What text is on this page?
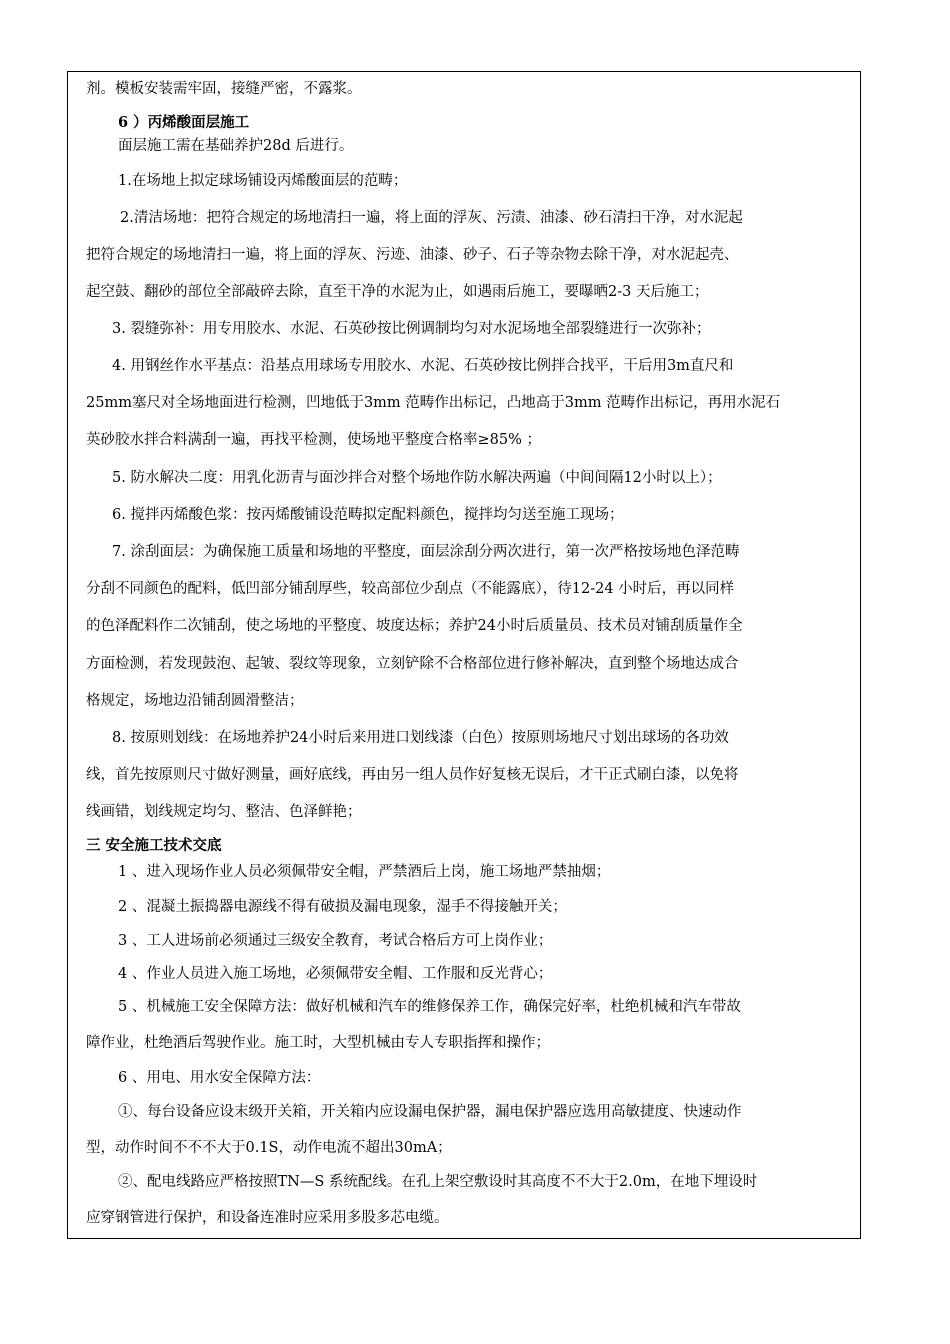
剂。模板安装需牢固，接缝严密，不露浆。
6 ）丙烯酸面层施工
面层施工需在基础养护28d 后进行。
1.在场地上拟定球场铺设丙烯酸面层的范畴；
2.清洁场地：把符合规定的场地清扫一遍，将上面的浮灰、污渍、油漆、砂石清扫干净，对水泥起
把符合规定的场地清扫一遍，将上面的浮灰、污迹、油漆、砂子、石子等杂物去除干净，对水泥起壳、
起空鼓、翻砂的部位全部敲碎去除，直至干净的水泥为止，如遇雨后施工，要曝晒2-3 天后施工；
3. 裂缝弥补：用专用胶水、水泥、石英砂按比例调制均匀对水泥场地全部裂缝进行一次弥补；
4. 用钢丝作水平基点：沿基点用球场专用胶水、水泥、石英砂按比例拌合找平，干后用3m直尺和
25mm塞尺对全场地面进行检测，凹地低于3mm 范畴作出标记，凸地高于3mm 范畴作出标记，再用水泥石
英砂胶水拌合料满刮一遍，再找平检测，使场地平整度合格率≥85% ；
5. 防水解决二度：用乳化沥青与面沙拌合对整个场地作防水解决两遍（中间间隔12小时以上）；
6. 搅拌丙烯酸色浆：按丙烯酸铺设范畴拟定配料颜色，搅拌均匀送至施工现场；
7. 涂刮面层：为确保施工质量和场地的平整度，面层涂刮分两次进行，第一次严格按场地色泽范畴
分刮不同颜色的配料，低凹部分铺刮厚些，较高部位少刮点（不能露底），待12-24 小时后，再以同样
的色泽配料作二次铺刮，使之场地的平整度、坡度达标；养护24小时后质量员、技术员对铺刮质量作全
方面检测，若发现鼓泡、起皱、裂纹等现象，立刻铲除不合格部位进行修补解决，直到整个场地达成合
格规定，场地边沿铺刮圆滑整洁；
8. 按原则划线：在场地养护24小时后来用进口划线漆（白色）按原则场地尺寸划出球场的各功效
线，首先按原则尺寸做好测量，画好底线，再由另一组人员作好复核无误后，才干正式刷白漆，以免将
线画错，划线规定均匀、整洁、色泽鲜艳；
三 安全施工技术交底
1 、进入现场作业人员必须佩带安全帽，严禁酒后上岗，施工场地严禁抽烟；
2 、混凝土振捣器电源线不得有破损及漏电现象，湿手不得接触开关；
3 、工人进场前必须通过三级安全教育，考试合格后方可上岗作业；
4 、作业人员进入施工场地，必须佩带安全帽、工作服和反光背心；
5 、机械施工安全保障方法：做好机械和汽车的维修保养工作，确保完好率，杜绝机械和汽车带故
障作业，杜绝酒后驾驶作业。施工时，大型机械由专人专职指挥和操作；
6 、用电、用水安全保障方法：
①、每台设备应设末级开关箱，开关箱内应设漏电保护器，漏电保护器应选用高敏捷度、快速动作
型，动作时间不不不大于0.1S，动作电流不超出30mA；
②、配电线路应严格按照TN—S 系统配线。在孔上架空敷设时其高度不不大于2.0m，在地下埋设时
应穿钢管进行保护，和设备连准时应采用多股多芯电缆。
